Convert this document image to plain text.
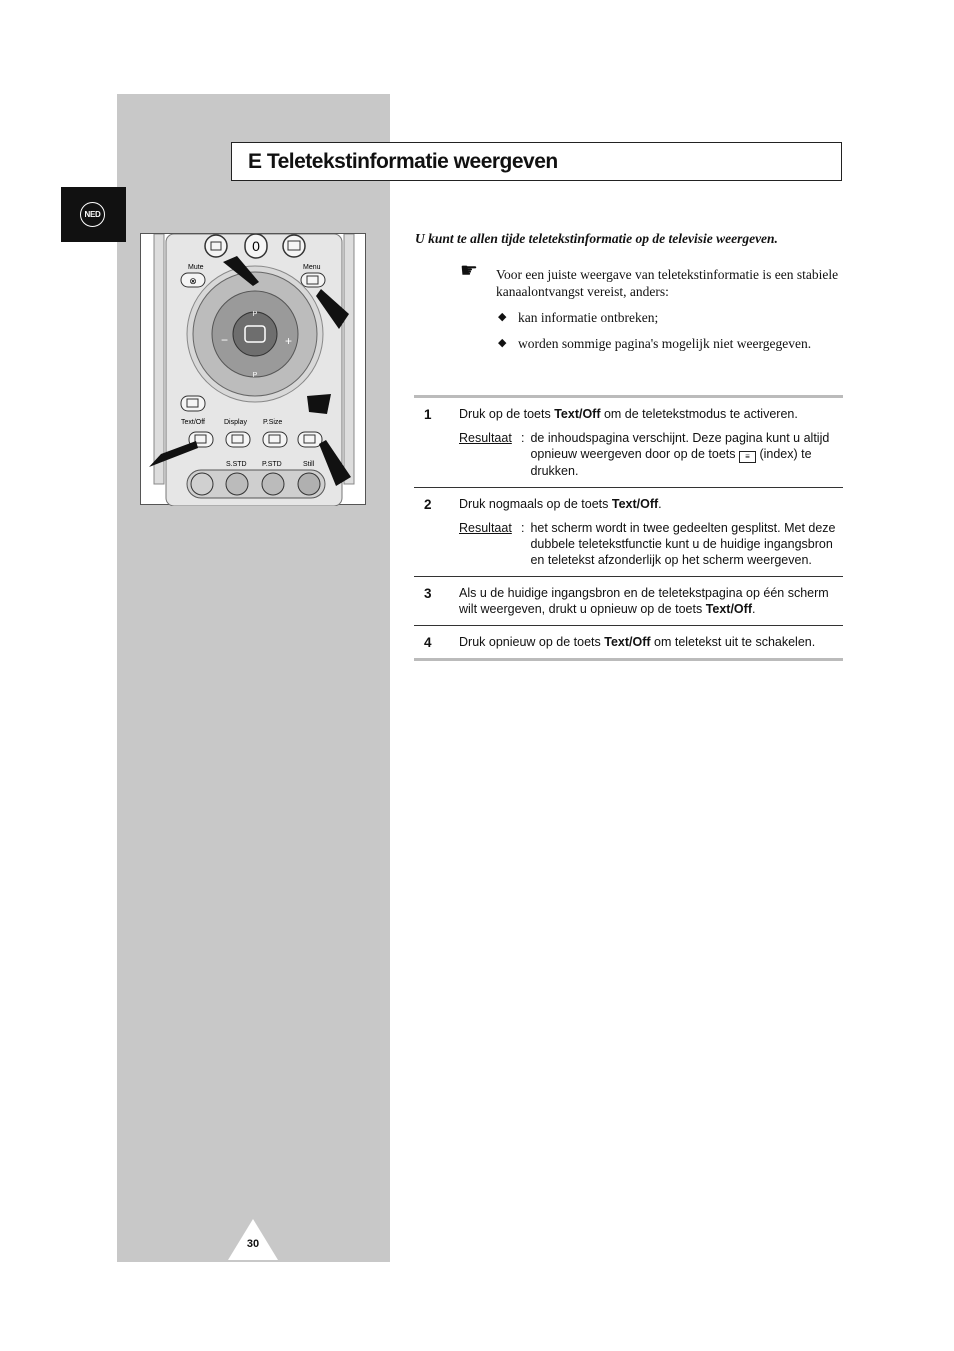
NED
E Teletekstinformatie weergeven
0
Mute
⊗
Menu
P
P
−	+
Text/Off	Display P.Size
S.STD P.STD	Still
U kunt te allen tijde teletekstinformatie op de televisie weergeven.
☛ Voor een juiste weergave van teletekstinformatie is een stabiele kanaalontvangst vereist, anders:
◆ kan informatie ontbreken;
◆ worden sommige pagina's mogelijk niet weergegeven.
1 Druk op de toets Text/Off om de teletekstmodus te activeren.
Resultaat : de inhoudspagina verschijnt. Deze pagina kunt u altijd opnieuw weergeven door op de toets ≡ (index) te drukken.
2 Druk nogmaals op de toets Text/Off.
Resultaat : het scherm wordt in twee gedeelten gesplitst. Met deze dubbele teletekstfunctie kunt u de huidige ingangsbron en teletekst afzonderlijk op het scherm weergeven.
3 Als u de huidige ingangsbron en de teletekstpagina op één scherm wilt weergeven, drukt u opnieuw op de toets Text/Off.
4 Druk opnieuw op de toets Text/Off om teletekst uit te schakelen.
30
